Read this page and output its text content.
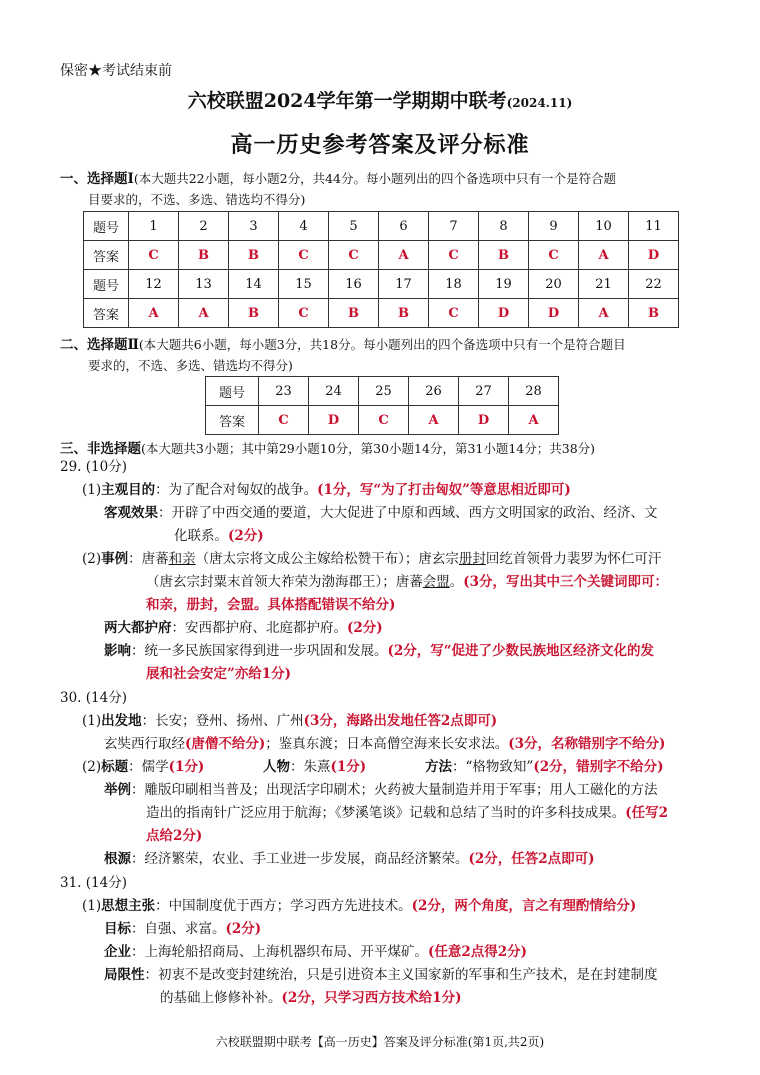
保密★考试结束前
六校联盟2024学年第一学期期中联考(2024.11)
高一历史参考答案及评分标准
一、选择题Ⅰ(本大题共22小题，每小题2分，共44分。每小题列出的四个备选项中只有一个是符合题
目要求的，不选、多选、错选均不得分)
题号	1	2	3	4	5	6	7	8	9	10	11
答案	C	B	B	C	C	A	C	B	C	A	D
题号	12	13	14	15	16	17	18	19	20	21	22
答案	A	A	B	C	B	B	C	D	D	A	B
二、选择题Ⅱ(本大题共6小题，每小题3分，共18分。每小题列出的四个备选项中只有一个是符合题目
要求的，不选、多选、错选均不得分)
题号	23	24	25	26	27	28
答案	C	D	C	A	D	A
三、非选择题(本大题共3小题；其中第29小题10分，第30小题14分，第31小题14分；共38分)
29. (10分)
(1)主观目的：为了配合对匈奴的战争。(1分，写“为了打击匈奴”等意思相近即可)
客观效果：开辟了中西交通的要道，大大促进了中原和西域、西方文明国家的政治、经济、文
化联系。(2分)
(2)事例：唐蕃和亲（唐太宗将文成公主嫁给松赞干布）；唐玄宗册封回纥首领骨力裴罗为怀仁可汗
（唐玄宗封粟末首领大祚荣为渤海郡王）；唐蕃会盟。(3分，写出其中三个关键词即可：
和亲，册封，会盟。具体搭配错误不给分)
两大都护府：安西都护府、北庭都护府。(2分)
影响：统一多民族国家得到进一步巩固和发展。(2分，写“促进了少数民族地区经济文化的发
展和社会安定”亦给1分)
30. (14分)
(1)出发地：长安；登州、扬州、广州(3分，海路出发地任答2点即可)
玄奘西行取经(唐僧不给分)；鉴真东渡；日本高僧空海来长安求法。(3分，名称错别字不给分)
(2)标题：儒学(1分)	人物：朱熹(1分)	方法：“格物致知”(2分，错别字不给分)
举例：雕版印刷相当普及；出现活字印刷术；火药被大量制造并用于军事；用人工磁化的方法
造出的指南针广泛应用于航海；《梦溪笔谈》记载和总结了当时的许多科技成果。(任写2
点给2分)
根源：经济繁荣，农业、手工业进一步发展，商品经济繁荣。(2分，任答2点即可)
31. (14分)
(1)思想主张：中国制度优于西方；学习西方先进技术。(2分，两个角度，言之有理酌情给分)
目标：自强、求富。(2分)
企业：上海轮船招商局、上海机器织布局、开平煤矿。(任意2点得2分)
局限性：初衷不是改变封建统治，只是引进资本主义国家新的军事和生产技术，是在封建制度
的基础上修修补补。(2分，只学习西方技术给1分)
六校联盟期中联考【高一历史】答案及评分标准(第1页,共2页)
